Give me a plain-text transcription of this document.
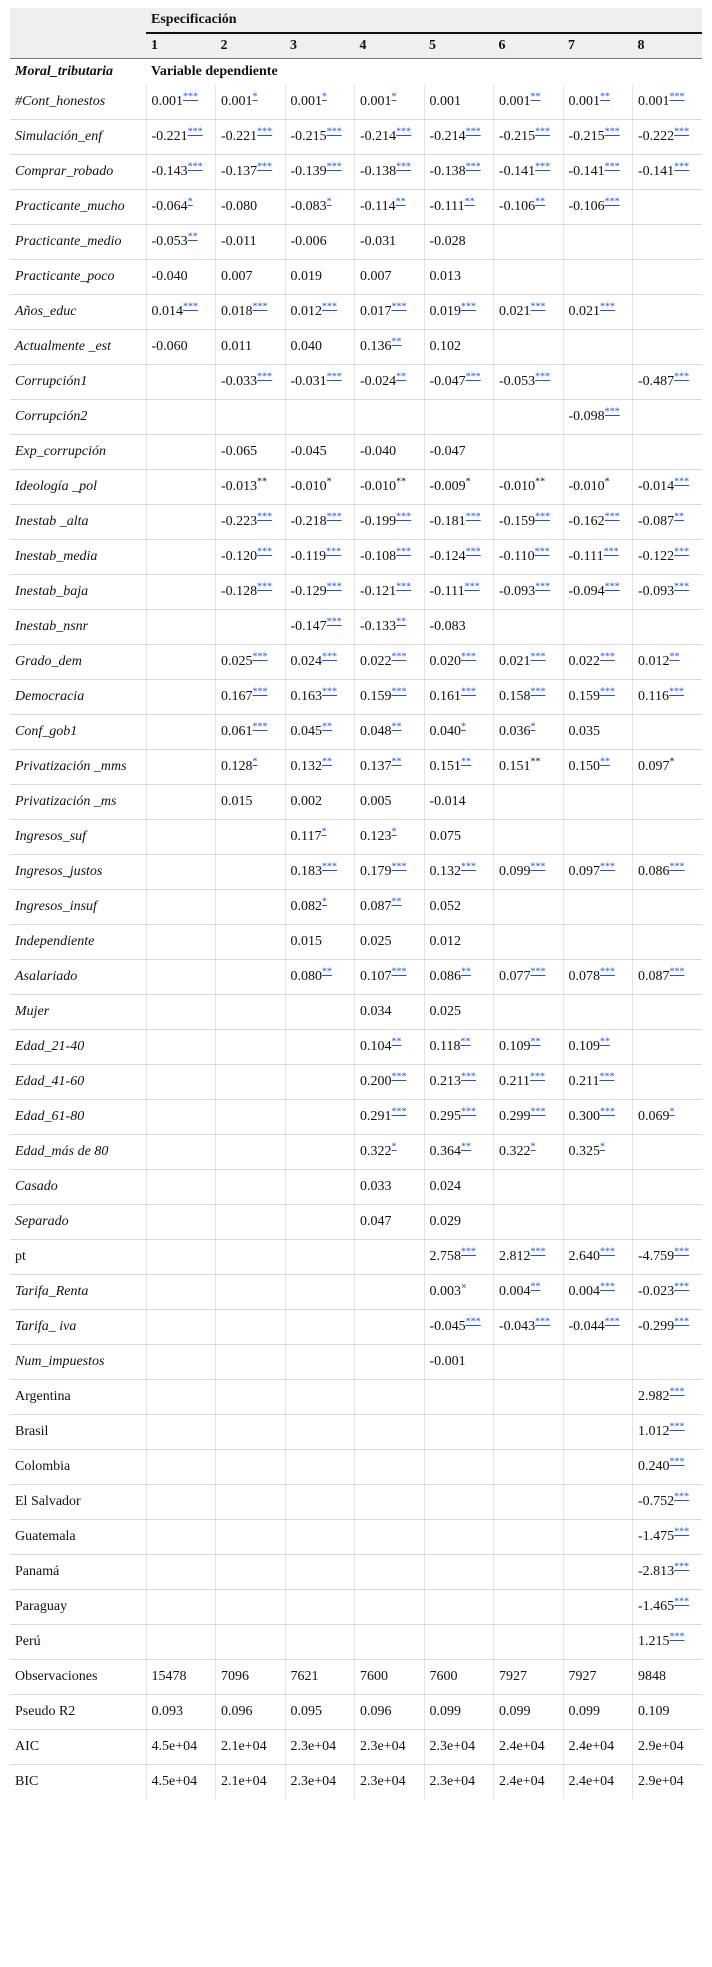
	Especificación							
	1	2	3	4	5	6	7	8
Moral_tributaria	Variable dependiente							
#Cont_honestos	0.001***	0.001*	0.001*	0.001*	0.001	0.001**	0.001**	0.001***
Simulación_enf	-0.221***	-0.221***	-0.215***	-0.214***	-0.214***	-0.215***	-0.215***	-0.222***
Comprar_robado	-0.143***	-0.137***	-0.139***	-0.138***	-0.138***	-0.141***	-0.141***	-0.141***
Practicante_mucho	-0.064*	-0.080	-0.083*	-0.114**	-0.111**	-0.106**	-0.106***	
Practicante_medio	-0.053**	-0.011	-0.006	-0.031	-0.028			
Practicante_poco	-0.040	0.007	0.019	0.007	0.013			
Años_educ	0.014***	0.018***	0.012***	0.017***	0.019***	0.021***	0.021***	
Actualmente _est	-0.060	0.011	0.040	0.136**	0.102			
Corrupción1		-0.033***	-0.031***	-0.024**	-0.047***	-0.053***		-0.487***
Corrupción2							-0.098***	
Exp_corrupción		-0.065	-0.045	-0.040	-0.047			
Ideología _pol		-0.013**	-0.010*	-0.010**	-0.009*	-0.010**	-0.010*	-0.014***
Inestab _alta		-0.223***	-0.218***	-0.199***	-0.181***	-0.159***	-0.162***	-0.087**
Inestab_media		-0.120***	-0.119***	-0.108***	-0.124***	-0.110***	-0.111***	-0.122***
Inestab_baja		-0.128***	-0.129***	-0.121***	-0.111***	-0.093***	-0.094***	-0.093***
Inestab_nsnr			-0.147***	-0.133**	-0.083			
Grado_dem		0.025***	0.024***	0.022***	0.020***	0.021***	0.022***	0.012**
Democracia		0.167***	0.163***	0.159***	0.161***	0.158***	0.159***	0.116***
Conf_gob1		0.061***	0.045**	0.048**	0.040*	0.036*	0.035	
Privatización _mms		0.128*	0.132**	0.137**	0.151**	0.151**	0.150**	0.097*
Privatización _ms		0.015	0.002	0.005	-0.014			
Ingresos_suf			0.117*	0.123*	0.075			
Ingresos_justos			0.183***	0.179***	0.132***	0.099***	0.097***	0.086***
Ingresos_insuf			0.082*	0.087**	0.052			
Independiente			0.015	0.025	0.012			
Asalariado			0.080**	0.107***	0.086**	0.077***	0.078***	0.087***
Mujer				0.034	0.025			
Edad_21-40				0.104**	0.118**	0.109**	0.109**	
Edad_41-60				0.200***	0.213***	0.211***	0.211***	
Edad_61-80				0.291***	0.295***	0.299***	0.300***	0.069*
Edad_más de 80				0.322*	0.364**	0.322*	0.325*	
Casado				0.033	0.024			
Separado				0.047	0.029			
pt					2.758***	2.812***	2.640***	-4.759***
Tarifa_Renta					0.003×	0.004**	0.004***	-0.023***
Tarifa_ iva					-0.045***	-0.043***	-0.044***	-0.299***
Num_impuestos					-0.001			
Argentina								2.982***
Brasil								1.012***
Colombia								0.240***
El Salvador								-0.752***
Guatemala								-1.475***
Panamá								-2.813***
Paraguay								-1.465***
Perú								1.215***
Observaciones	15478	7096	7621	7600	7600	7927	7927	9848
Pseudo R2	0.093	0.096	0.095	0.096	0.099	0.099	0.099	0.109
AIC	4.5e+04	2.1e+04	2.3e+04	2.3e+04	2.3e+04	2.4e+04	2.4e+04	2.9e+04
BIC	4.5e+04	2.1e+04	2.3e+04	2.3e+04	2.3e+04	2.4e+04	2.4e+04	2.9e+04
